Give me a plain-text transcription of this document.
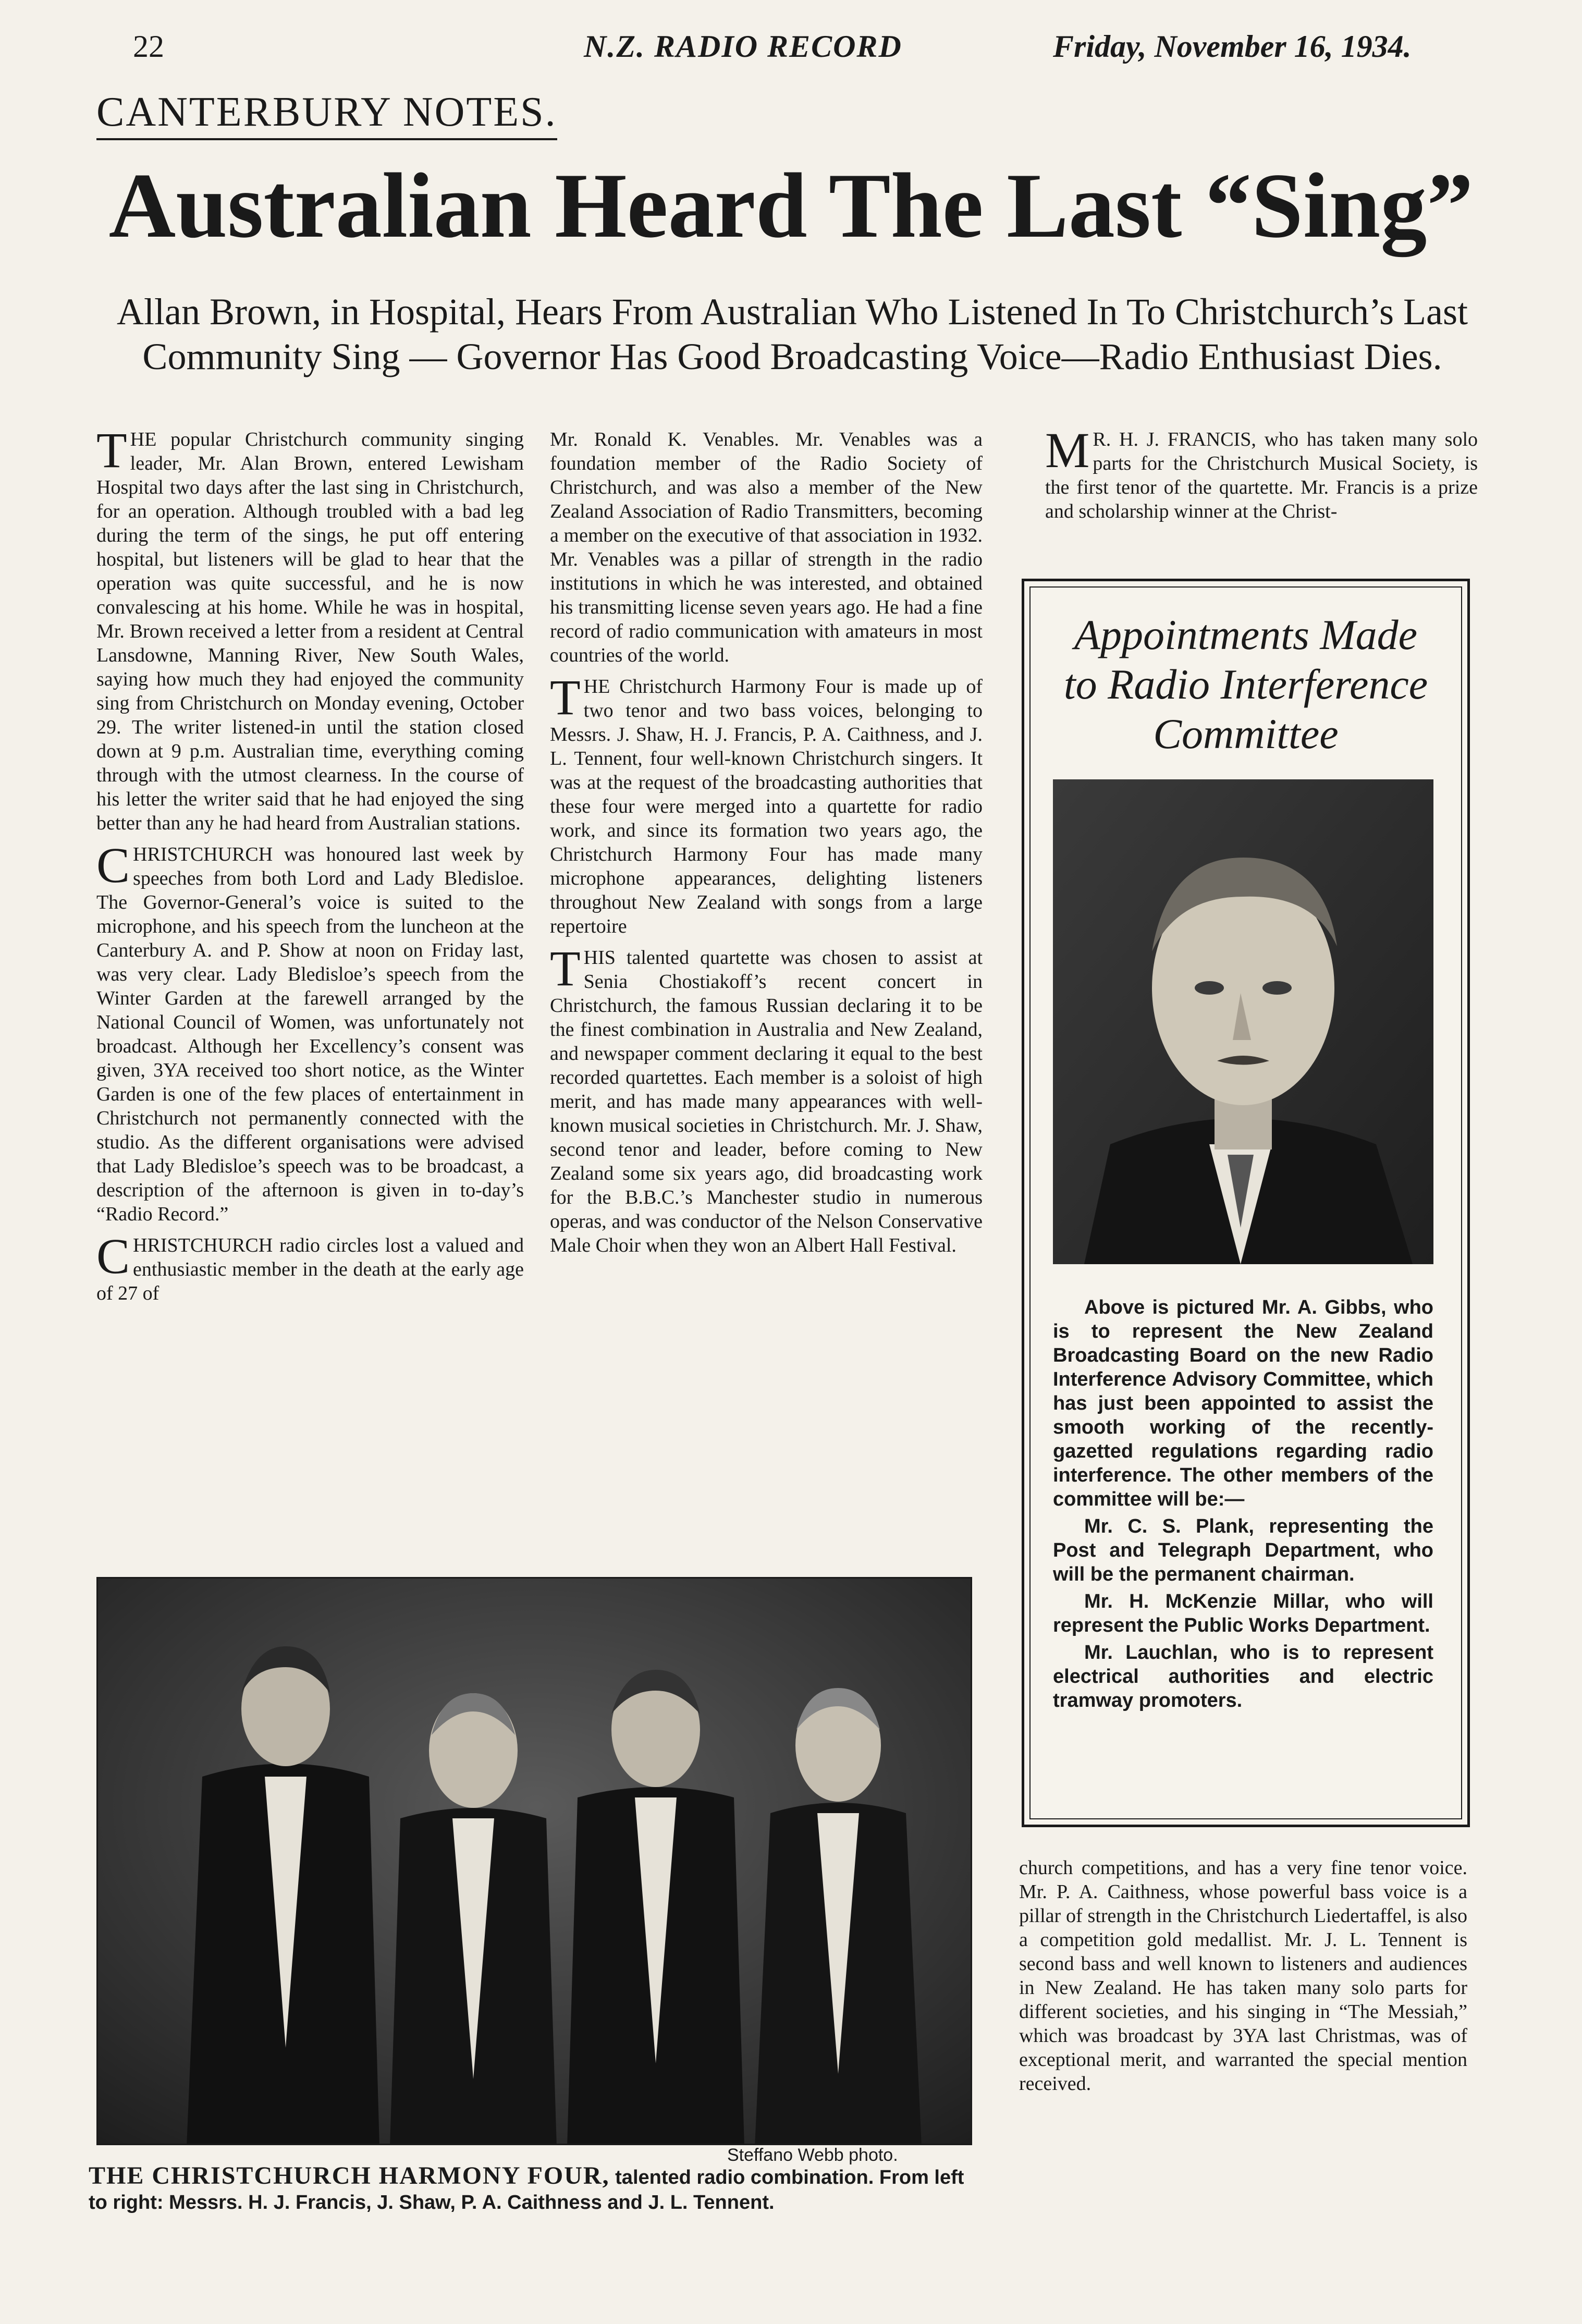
22	N.Z. RADIO RECORD	Friday, November 16, 1934.
CANTERBURY NOTES.
Australian Heard The Last “Sing”
Allan Brown, in Hospital, Hears From Australian Who Listened In To Christchurch’s Last Community Sing — Governor Has Good Broadcasting Voice—Radio Enthusiast Dies.

THE popular Christchurch community singing leader, Mr. Alan Brown, entered Lewisham Hospital two days after the last sing in Christchurch, for an operation. Although troubled with a bad leg during the term of the sings, he put off entering hospital, but listeners will be glad to hear that the operation was quite successful, and he is now convalescing at his home. While he was in hospital, Mr. Brown received a letter from a resident at Central Lansdowne, Manning River, New South Wales, saying how much they had enjoyed the community sing from Christchurch on Monday evening, October 29. The writer listened-in until the station closed down at 9 p.m. Australian time, everything coming through with the utmost clearness. In the course of his letter the writer said that he had enjoyed the sing better than any he had heard from Australian stations.

CHRISTCHURCH was honoured last week by speeches from both Lord and Lady Bledisloe. The Governor-General’s voice is suited to the microphone, and his speech from the luncheon at the Canterbury A. and P. Show at noon on Friday last, was very clear. Lady Bledisloe’s speech from the Winter Garden at the farewell arranged by the National Council of Women, was unfortunately not broadcast. Although her Excellency’s consent was given, 3YA received too short notice, as the Winter Garden is one of the few places of entertainment in Christchurch not permanently connected with the studio. As the different organisations were advised that Lady Bledisloe’s speech was to be broadcast, a description of the afternoon is given in to-day’s “Radio Record.”

CHRISTCHURCH radio circles lost a valued and enthusiastic member in the death at the early age of 27 of

Mr. Ronald K. Venables. Mr. Venables was a foundation member of the Radio Society of Christchurch, and was also a member of the New Zealand Association of Radio Transmitters, becoming a member on the executive of that association in 1932. Mr. Venables was a pillar of strength in the radio institutions in which he was interested, and obtained his transmitting license seven years ago. He had a fine record of radio communication with amateurs in most countries of the world.

THE Christchurch Harmony Four is made up of two tenor and two bass voices, belonging to Messrs. J. Shaw, H. J. Francis, P. A. Caithness, and J. L. Tennent, four well-known Christchurch singers. It was at the request of the broadcasting authorities that these four were merged into a quartette for radio work, and since its formation two years ago, the Christchurch Harmony Four has made many microphone appearances, delighting listeners throughout New Zealand with songs from a large repertoire

THIS talented quartette was chosen to assist at Senia Chostiakoff’s recent concert in Christchurch, the famous Russian declaring it to be the finest combination in Australia and New Zealand, and newspaper comment declaring it equal to the best recorded quartettes. Each member is a soloist of high merit, and has made many appearances with well-known musical societies in Christchurch. Mr. J. Shaw, second tenor and leader, before coming to New Zealand some six years ago, did broadcasting work for the B.B.C.’s Manchester studio in numerous operas, and was conductor of the Nelson Conservative Male Choir when they won an Albert Hall Festival.

M R. H. J. FRANCIS, who has taken many solo parts for the Christchurch Musical Society, is the first tenor of the quartette. Mr. Francis is a prize and scholarship winner at the Christ-

Appointments Made
to Radio Interference
Committee

Above is pictured Mr. A. Gibbs, who is to represent the New Zealand Broadcasting Board on the new Radio Interference Advisory Committee, which has just been appointed to assist the smooth working of the recently-gazetted regulations regarding radio interference. The other members of the committee will be:—

Mr. C. S. Plank, representing the Post and Telegraph Department, who will be the permanent chairman.

Mr. H. McKenzie Millar, who will represent the Public Works Department.

Mr. Lauchlan, who is to represent electrical authorities and electric tramway promoters.

church competitions, and has a very fine tenor voice. Mr. P. A. Caithness, whose powerful bass voice is a pillar of strength in the Christchurch Liedertaffel, is also a competition gold medallist. Mr. J. L. Tennent is second bass and well known to listeners and audiences in New Zealand. He has taken many solo parts for different societies, and his singing in “The Messiah,” which was broadcast by 3YA last Christmas, was of exceptional merit, and warranted the special mention received.

Steffano Webb photo.
THE CHRISTCHURCH HARMONY FOUR, talented radio combination. From left to right: Messrs. H. J. Francis, J. Shaw, P. A. Caithness and J. L. Tennent.
